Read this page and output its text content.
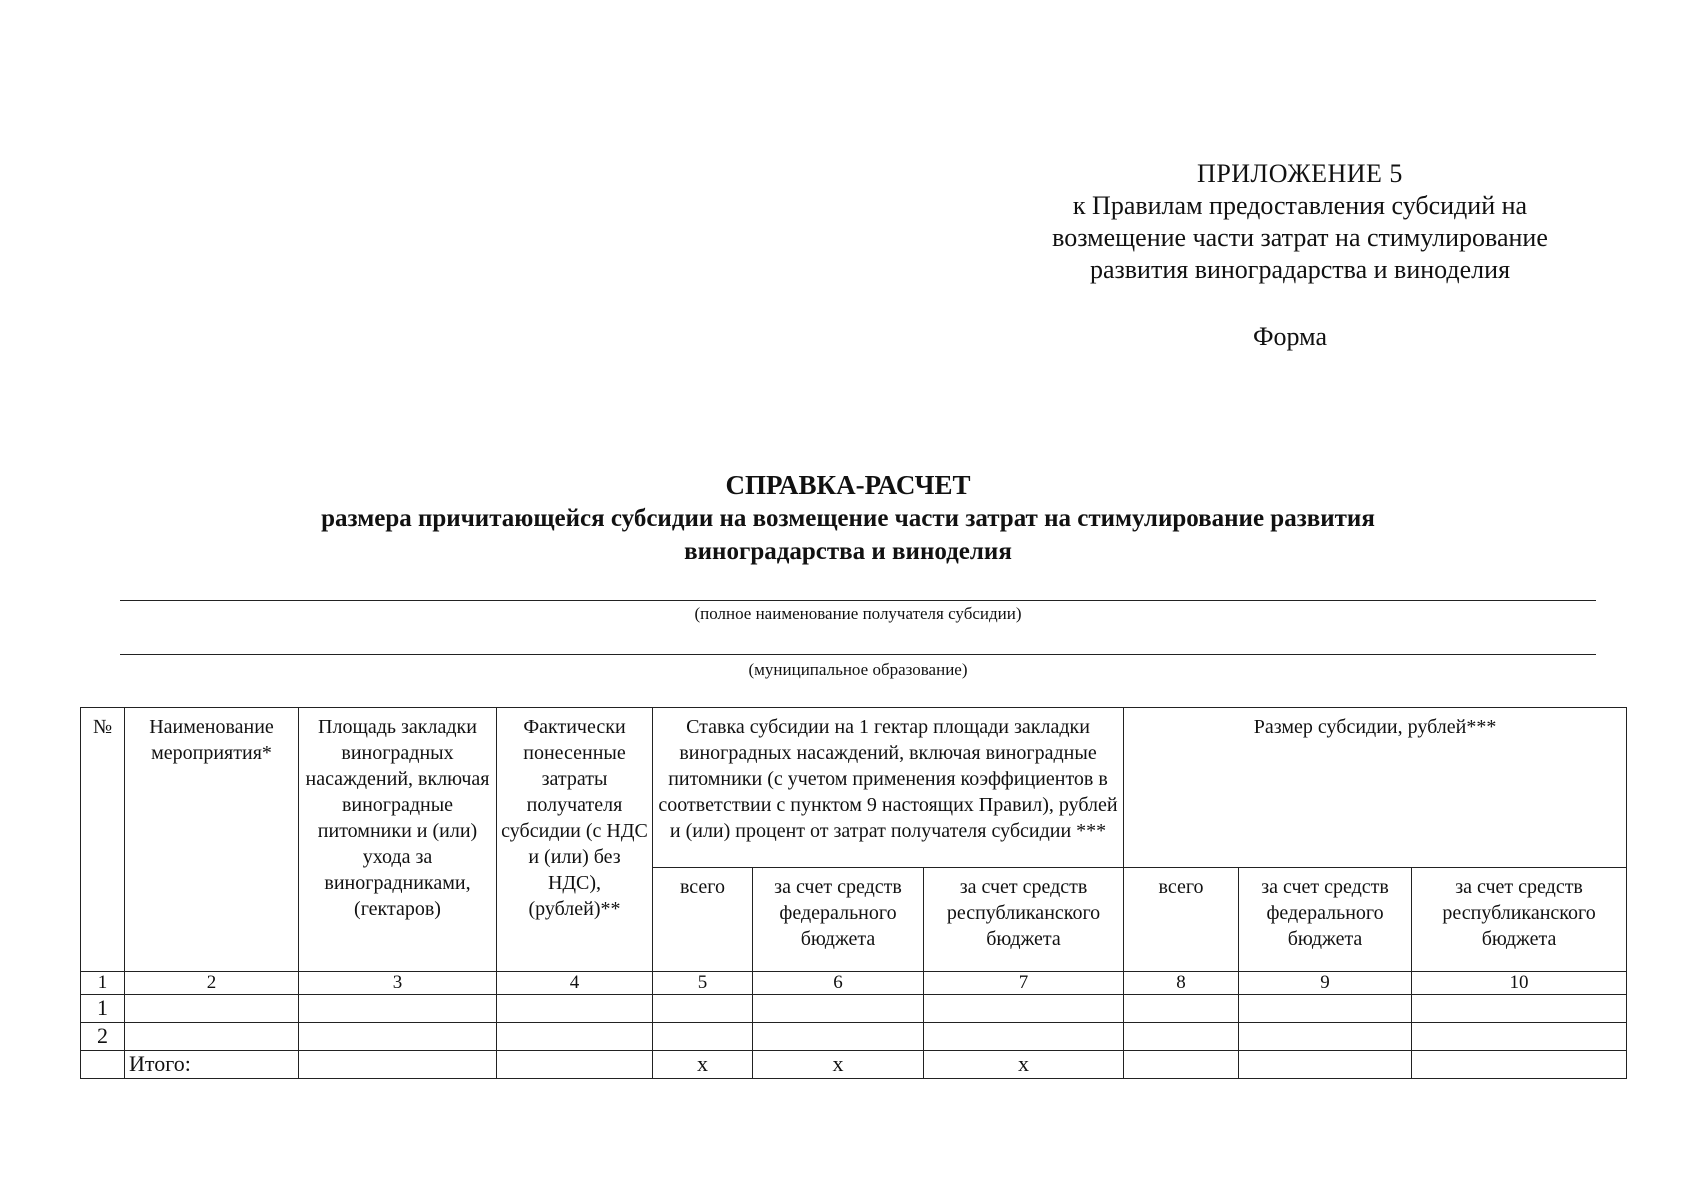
ПРИЛОЖЕНИЕ 5
к Правилам предоставления субсидий на
возмещение части затрат на стимулирование
развития виноградарства и виноделия
Форма
СПРАВКА-РАСЧЕТ
размера причитающейся субсидии на возмещение части затрат на стимулирование развития
виноградарства и виноделия
(полное наименование получателя субсидии)
(муниципальное образование)
№	Наименование мероприятия*	Площадь закладки виноградных насаждений, включая виноградные питомники и (или) ухода за виноградниками, (гектаров)	Фактически понесенные затраты получателя субсидии (с НДС и (или) без НДС), (рублей)**	Ставка субсидии на 1 гектар площади закладки виноградных насаждений, включая виноградные питомники (с учетом применения коэффициентов в соответствии с пунктом 9 настоящих Правил), рублей и (или) процент от затрат получателя субсидии ***			Размер субсидии, рублей***		
				всего	за счет средств федерального бюджета	за счет средств республиканского бюджета	всего	за счет средств федерального бюджета	за счет средств республиканского бюджета
1	2	3	4	5	6	7	8	9	10
1									
2									
	Итого:			x	x	x			
